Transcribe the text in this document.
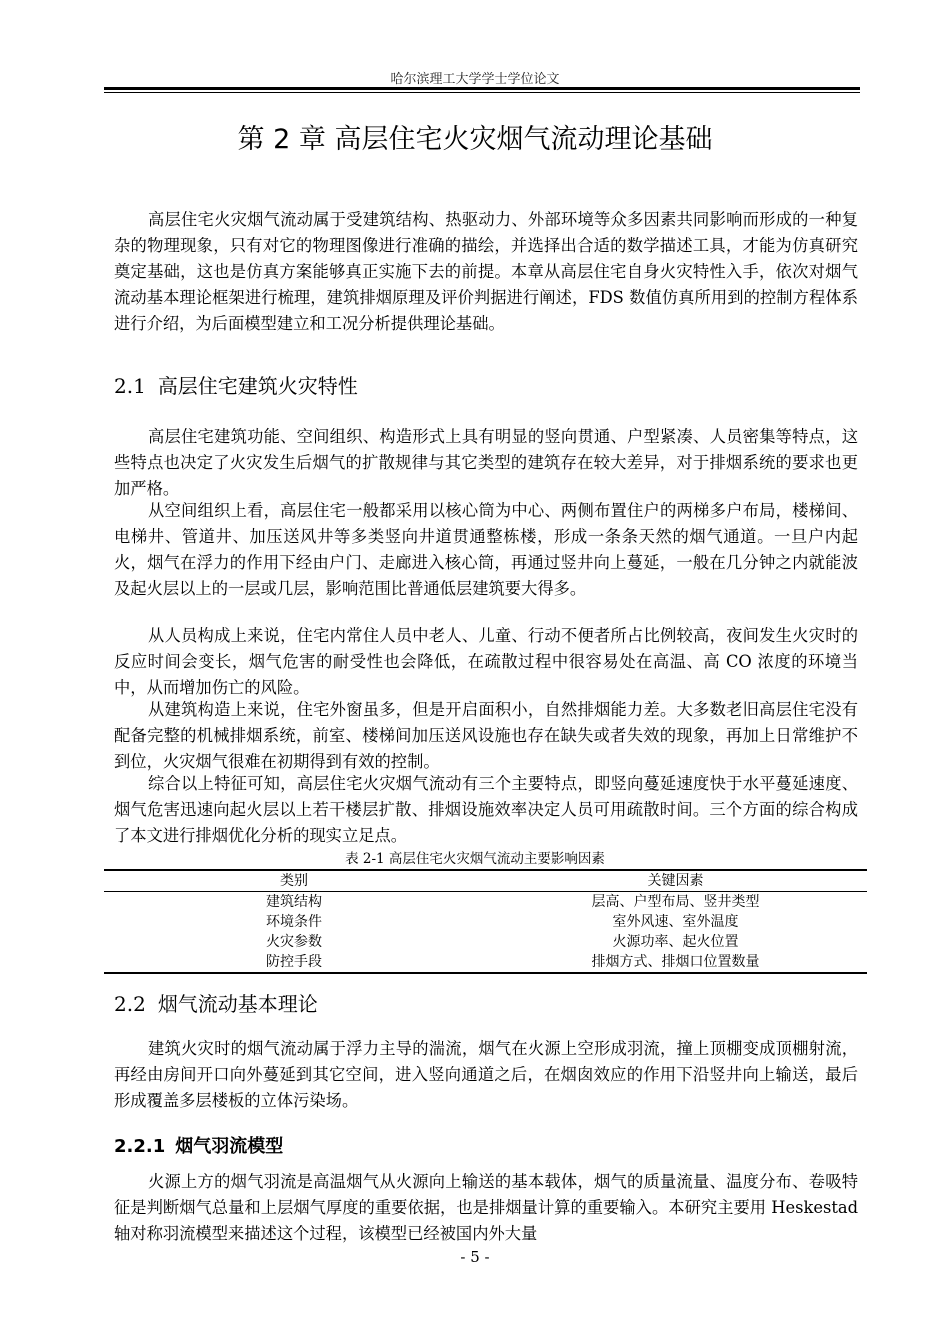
哈尔滨理工大学学士学位论文
第 2 章 高层住宅火灾烟气流动理论基础

高层住宅火灾烟气流动属于受建筑结构、热驱动力、外部环境等众多因素共同影响而形成的一种复杂的物理现象，只有对它的物理图像进行准确的描绘，并选择出合适的数学描述工具，才能为仿真研究奠定基础，这也是仿真方案能够真正实施下去的前提。本章从高层住宅自身火灾特性入手，依次对烟气流动基本理论框架进行梳理，建筑排烟原理及评价判据进行阐述，FDS 数值仿真所用到的控制方程体系进行介绍，为后面模型建立和工况分析提供理论基础。

2.1 高层住宅建筑火灾特性

高层住宅建筑功能、空间组织、构造形式上具有明显的竖向贯通、户型紧凑、人员密集等特点，这些特点也决定了火灾发生后烟气的扩散规律与其它类型的建筑存在较大差异，对于排烟系统的要求也更加严格。

从空间组织上看，高层住宅一般都采用以核心筒为中心、两侧布置住户的两梯多户布局，楼梯间、电梯井、管道井、加压送风井等多类竖向井道贯通整栋楼，形成一条条天然的烟气通道。一旦户内起火，烟气在浮力的作用下经由户门、走廊进入核心筒，再通过竖井向上蔓延，一般在几分钟之内就能波及起火层以上的一层或几层，影响范围比普通低层建筑要大得多。

从人员构成上来说，住宅内常住人员中老人、儿童、行动不便者所占比例较高，夜间发生火灾时的反应时间会变长，烟气危害的耐受性也会降低，在疏散过程中很容易处在高温、高 CO 浓度的环境当中，从而增加伤亡的风险。

从建筑构造上来说，住宅外窗虽多，但是开启面积小，自然排烟能力差。大多数老旧高层住宅没有配备完整的机械排烟系统，前室、楼梯间加压送风设施也存在缺失或者失效的现象，再加上日常维护不到位，火灾烟气很难在初期得到有效的控制。

综合以上特征可知，高层住宅火灾烟气流动有三个主要特点，即竖向蔓延速度快于水平蔓延速度、烟气危害迅速向起火层以上若干楼层扩散、排烟设施效率决定人员可用疏散时间。三个方面的综合构成了本文进行排烟优化分析的现实立足点。

表 2-1 高层住宅火灾烟气流动主要影响因素
类别	关键因素
建筑结构	层高、户型布局、竖井类型
环境条件	室外风速、室外温度
火灾参数	火源功率、起火位置
防控手段	排烟方式、排烟口位置数量
2.2 烟气流动基本理论

建筑火灾时的烟气流动属于浮力主导的湍流，烟气在火源上空形成羽流，撞上顶棚变成顶棚射流，再经由房间开口向外蔓延到其它空间，进入竖向通道之后，在烟囱效应的作用下沿竖井向上输送，最后形成覆盖多层楼板的立体污染场。

2.2.1 烟气羽流模型

火源上方的烟气羽流是高温烟气从火源向上输送的基本载体，烟气的质量流量、温度分布、卷吸特征是判断烟气总量和上层烟气厚度的重要依据，也是排烟量计算的重要输入。本研究主要用 Heskestad 轴对称羽流模型来描述这个过程，该模型已经被国内外大量

- 5 -
